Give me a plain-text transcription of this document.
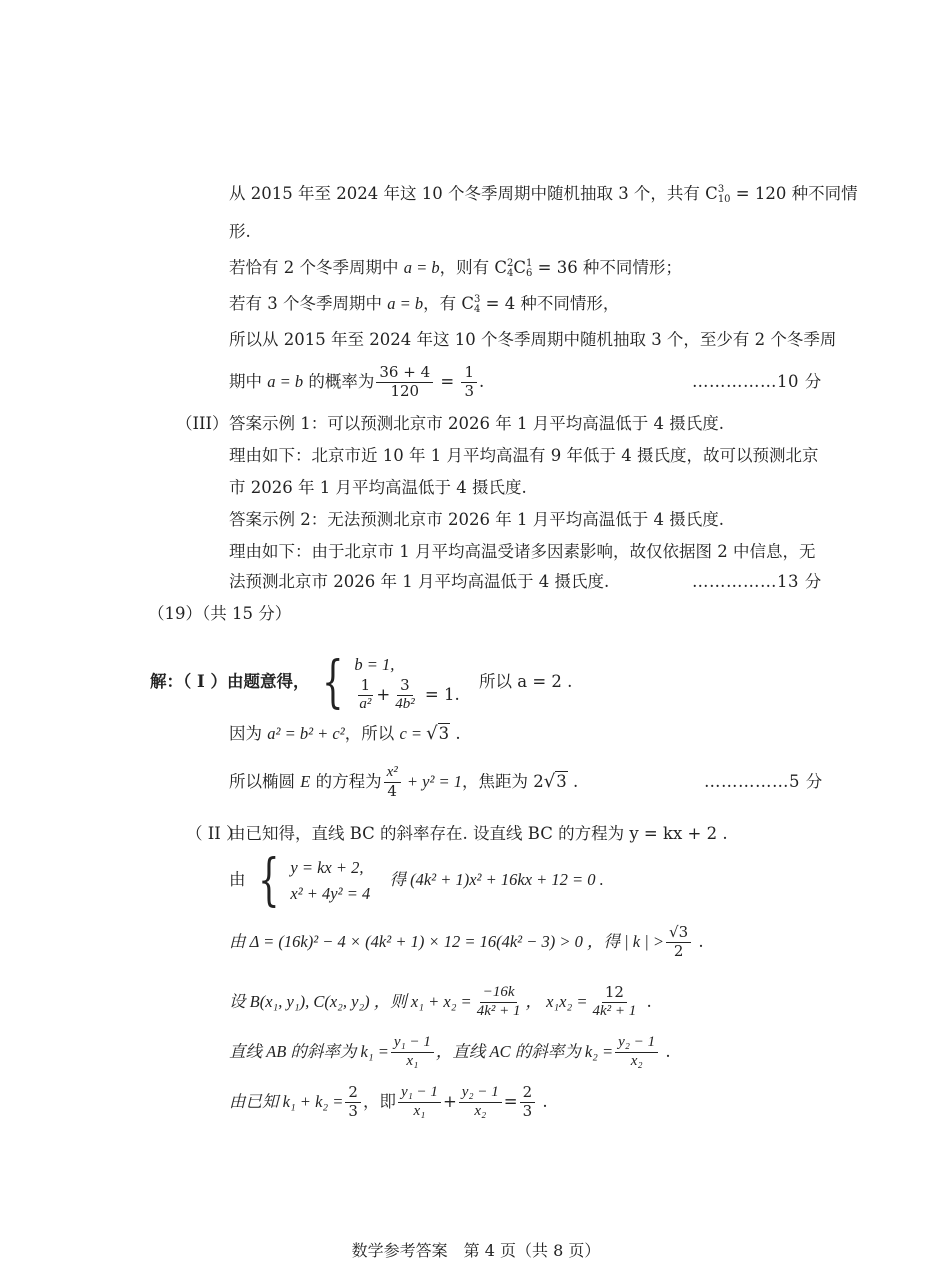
从 2015 年至 2024 年这 10 个冬季周期中随机抽取 3 个，共有 C 3
10 = 120 种不同情
形.
若恰有 2 个冬季周期中 a = b，则有 C 2
4 C 1
6 = 36 种不同情形；
若有 3 个冬季周期中 a = b，有 C 3
4 = 4 种不同情形，
所以从 2015 年至 2024 年这 10 个冬季周期中随机抽取 3 个，至少有 2 个冬季周
期中 a = b 的概率为 $\frac{36 + 4}{120} = \frac{1}{3}$ .	……………10 分
（III） 答案示例 1：可以预测北京市 2026 年 1 月平均高温低于 4 摄氏度.
理由如下：北京市近 10 年 1 月平均高温有 9 年低于 4 摄氏度，故可以预测北京
市 2026 年 1 月平均高温低于 4 摄氏度.
答案示例 2：无法预测北京市 2026 年 1 月平均高温低于 4 摄氏度.
理由如下：由于北京市 1 月平均高温受诸多因素影响，故仅依据图 2 中信息，无
法预测北京市 2026 年 1 月平均高温低于 4 摄氏度.	……………13 分
（19）（共 15 分）
解：（ I ）由题意得， { b = 1,
$\frac{1}{\text{a²}} + \frac{3}{\text{4b²}} = 1$.
所以 a = 2 .
因为 a² = b² + c²，所以 c = √3 .
所以椭圆 E 的方程为 $\frac{\text{x²}}{4} + y^2 = 1$，焦距为 2√3 .	……………5 分
（ II ）
由已知得，直线 BC 的斜率存在. 设直线 BC 的方程为 y = kx + 2 .
由 { y = kx + 2,
x² + 4y² = 4
得 (4k² + 1)x² + 16kx + 12 = 0 .
由 Δ = (16k)² − 4 × (4k² + 1) × 12 = 16(4k² − 3) > 0 ，得 | k | > $\frac{√3}{2}$ .
设 B(x₁, y₁), C(x₂, y₂) ，则 $x_1 + x_2 = \frac{-16k}{\text{4k² + 1}}$ ， $x_1x_2 = \frac{12}{\text{4k² + 1}}$ .
直线 AB 的斜率为 $k_1 = \frac{\text{y₁ − 1}}{\text{x₁}}$ ，直线 AC 的斜率为 $k_2 = \frac{\text{y₂ − 1}}{\text{x₂}}$ .
由已知 $k_1 + k_2 = \frac{2}{3}$ ，即 $\frac{\text{y₁ − 1}}{\text{x₁}} + \frac{\text{y₂ − 1}}{\text{x₂}} = \frac{2}{3}$ .
数学参考答案　第 4 页（共 8 页）
